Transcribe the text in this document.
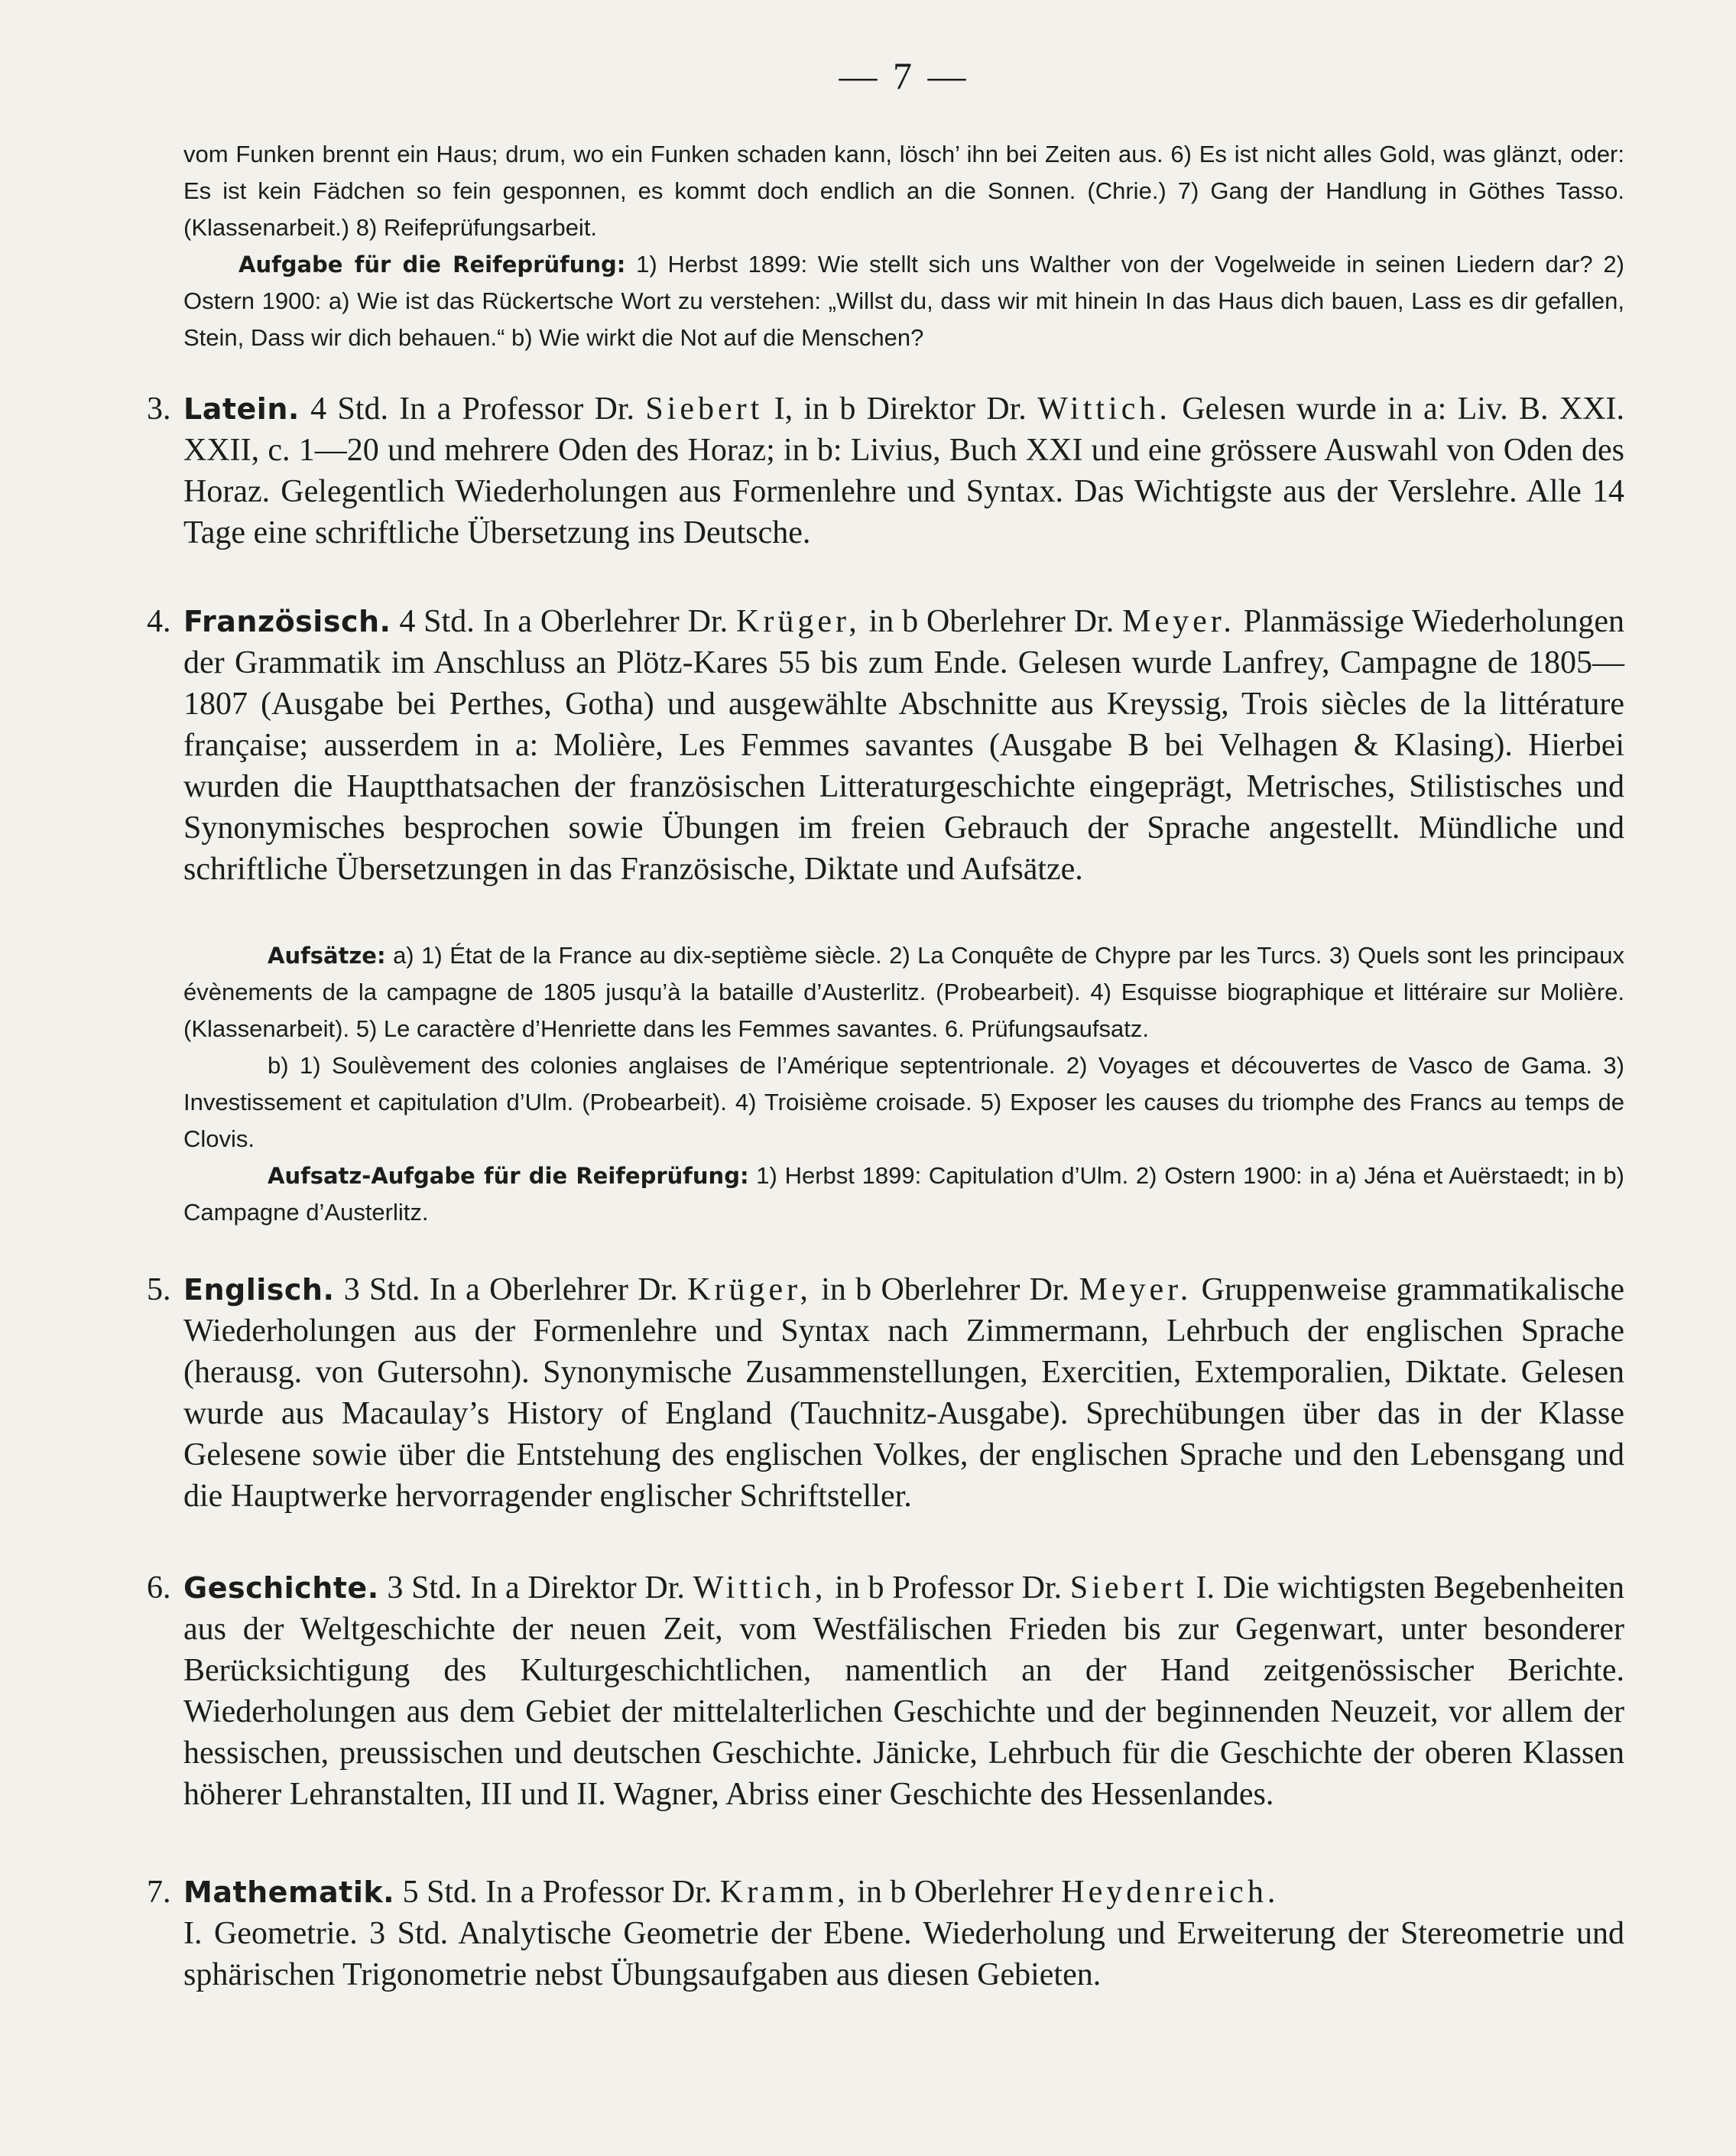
— 7 —

vom Funken brennt ein Haus; drum, wo ein Funken schaden kann, lösch’ ihn bei Zeiten aus. 6) Es ist nicht alles Gold, was glänzt, oder: Es ist kein Fädchen so fein gesponnen, es kommt doch endlich an die Sonnen. (Chrie.) 7) Gang der Handlung in Göthes Tasso. (Klassenarbeit.) 8) Reifeprüfungsarbeit.

Aufgabe für die Reifeprüfung: 1) Herbst 1899: Wie stellt sich uns Walther von der Vogelweide in seinen Liedern dar? 2) Ostern 1900: a) Wie ist das Rückertsche Wort zu verstehen: „Willst du, dass wir mit hinein In das Haus dich bauen, Lass es dir gefallen, Stein, Dass wir dich behauen.“ b) Wie wirkt die Not auf die Menschen?

3. Latein. 4 Std. In a Professor Dr. Siebert I, in b Direktor Dr. Wittich. Gelesen wurde in a: Liv. B. XXI. XXII, c. 1—20 und mehrere Oden des Horaz; in b: Livius, Buch XXI und eine grössere Auswahl von Oden des Horaz. Gelegentlich Wiederholungen aus Formenlehre und Syntax. Das Wichtigste aus der Verslehre. Alle 14 Tage eine schriftliche Übersetzung ins Deutsche.

4. Französisch. 4 Std. In a Oberlehrer Dr. Krüger, in b Oberlehrer Dr. Meyer. Planmässige Wiederholungen der Grammatik im Anschluss an Plötz-Kares 55 bis zum Ende. Gelesen wurde Lanfrey, Campagne de 1805—1807 (Ausgabe bei Perthes, Gotha) und ausgewählte Abschnitte aus Kreyssig, Trois siècles de la littérature française; ausserdem in a: Molière, Les Femmes savantes (Ausgabe B bei Velhagen & Klasing). Hierbei wurden die Hauptthatsachen der französischen Litteraturgeschichte eingeprägt, Metrisches, Stilistisches und Synonymisches besprochen sowie Übungen im freien Gebrauch der Sprache angestellt. Mündliche und schriftliche Übersetzungen in das Französische, Diktate und Aufsätze.

Aufsätze: a) 1) État de la France au dix-septième siècle. 2) La Conquête de Chypre par les Turcs. 3) Quels sont les principaux évènements de la campagne de 1805 jusqu’à la bataille d’Austerlitz. (Probearbeit). 4) Esquisse biographique et littéraire sur Molière. (Klassenarbeit). 5) Le caractère d’Henriette dans les Femmes savantes. 6. Prüfungsaufsatz.

b) 1) Soulèvement des colonies anglaises de l’Amérique septentrionale. 2) Voyages et découvertes de Vasco de Gama. 3) Investissement et capitulation d’Ulm. (Probearbeit). 4) Troisième croisade. 5) Exposer les causes du triomphe des Francs au temps de Clovis.

Aufsatz-Aufgabe für die Reifeprüfung: 1) Herbst 1899: Capitulation d’Ulm. 2) Ostern 1900: in a) Jéna et Auërstaedt; in b) Campagne d’Austerlitz.

5. Englisch. 3 Std. In a Oberlehrer Dr. Krüger, in b Oberlehrer Dr. Meyer. Gruppenweise grammatikalische Wiederholungen aus der Formenlehre und Syntax nach Zimmermann, Lehrbuch der englischen Sprache (herausg. von Gutersohn). Synonymische Zusammenstellungen, Exercitien, Extemporalien, Diktate. Gelesen wurde aus Macaulay’s History of England (Tauchnitz-Ausgabe). Sprechübungen über das in der Klasse Gelesene sowie über die Entstehung des englischen Volkes, der englischen Sprache und den Lebensgang und die Hauptwerke hervorragender englischer Schriftsteller.

6. Geschichte. 3 Std. In a Direktor Dr. Wittich, in b Professor Dr. Siebert I. Die wichtigsten Begebenheiten aus der Weltgeschichte der neuen Zeit, vom Westfälischen Frieden bis zur Gegenwart, unter besonderer Berücksichtigung des Kulturgeschichtlichen, namentlich an der Hand zeitgenössischer Berichte. Wiederholungen aus dem Gebiet der mittelalterlichen Geschichte und der beginnenden Neuzeit, vor allem der hessischen, preussischen und deutschen Geschichte. Jänicke, Lehrbuch für die Geschichte der oberen Klassen höherer Lehranstalten, III und II. Wagner, Abriss einer Geschichte des Hessenlandes.

7. Mathematik. 5 Std. In a Professor Dr. Kramm, in b Oberlehrer Heydenreich.

I. Geometrie. 3 Std. Analytische Geometrie der Ebene. Wiederholung und Erweiterung der Stereometrie und sphärischen Trigonometrie nebst Übungsaufgaben aus diesen Gebieten.
